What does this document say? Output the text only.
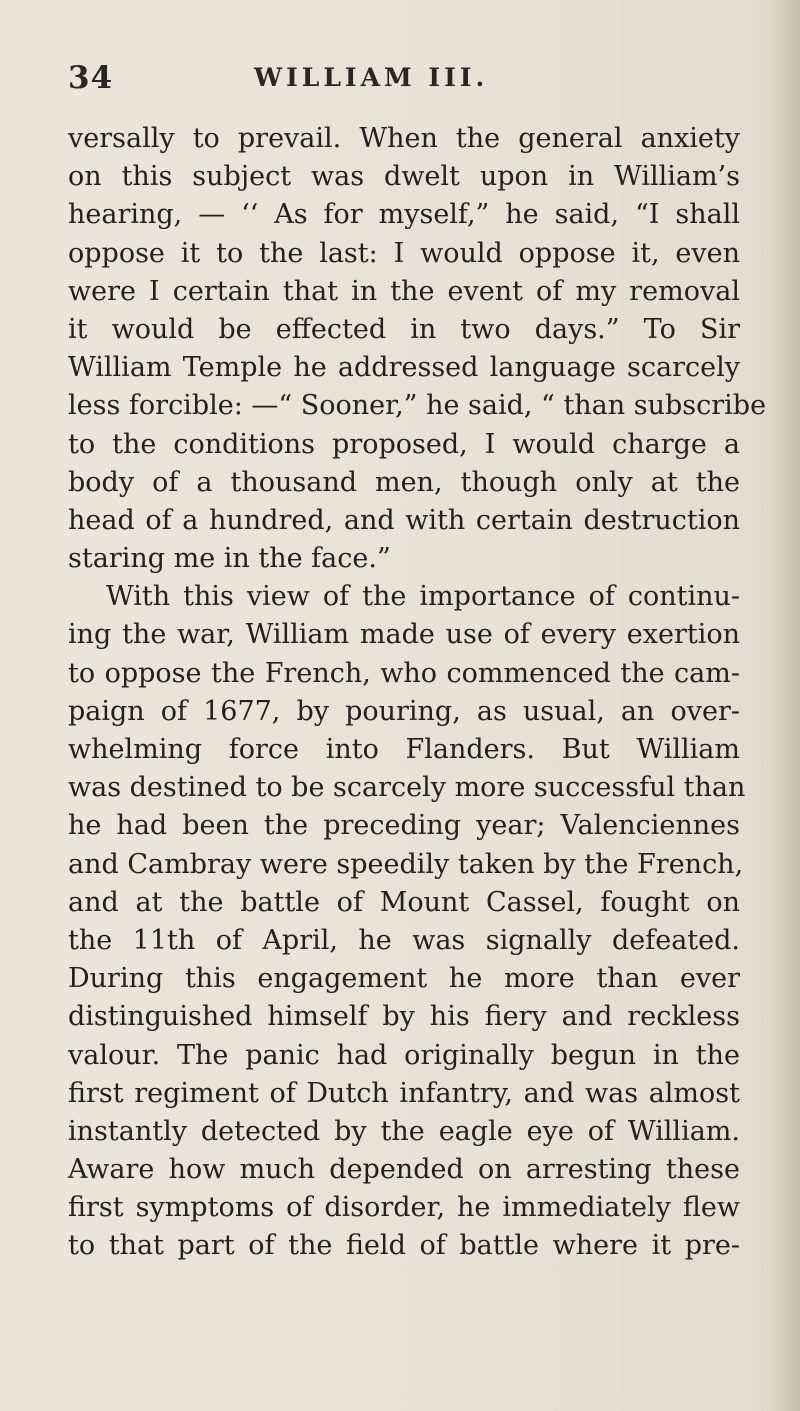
34	WILLIAM III.
versally to prevail. When the general anxiety
on this subject was dwelt upon in William’s
hearing, — ‘‘ As for myself,” he said, “I shall
oppose it to the last: I would oppose it, even
were I certain that in the event of my removal
it would be effected in two days.” To Sir
William Temple he addressed language scarcely
less forcible: —“ Sooner,” he said, “ than subscribe
to the conditions proposed, I would charge a
body of a thousand men, though only at the
head of a hundred, and with certain destruction
staring me in the face.”
With this view of the importance of continu-
ing the war, William made use of every exertion
to oppose the French, who commenced the cam-
paign of 1677, by pouring, as usual, an over-
whelming force into Flanders. But William
was destined to be scarcely more successful than
he had been the preceding year; Valenciennes
and Cambray were speedily taken by the French,
and at the battle of Mount Cassel, fought on
the 11th of April, he was signally defeated.
During this engagement he more than ever
distinguished himself by his fiery and reckless
valour. The panic had originally begun in the
first regiment of Dutch infantry, and was almost
instantly detected by the eagle eye of William.
Aware how much depended on arresting these
first symptoms of disorder, he immediately flew
to that part of the field of battle where it pre-
